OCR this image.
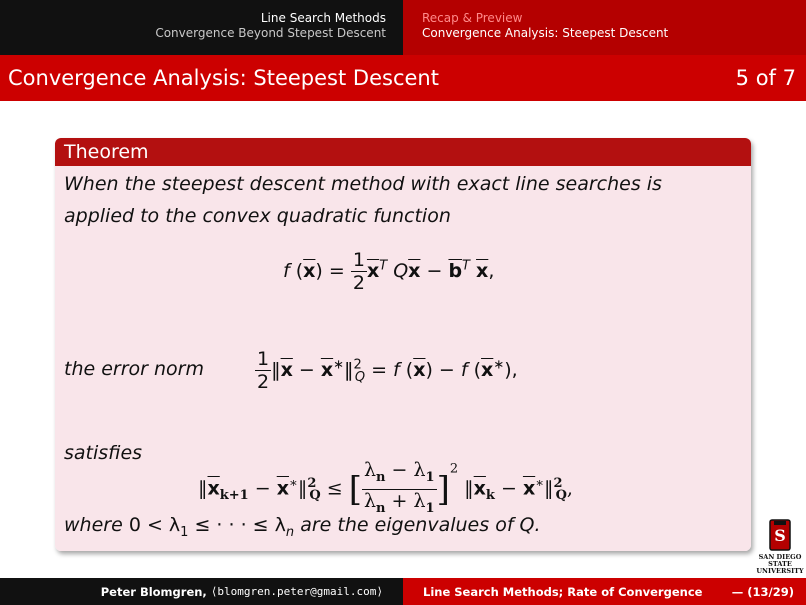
Line Search Methods
Convergence Beyond Stepest Descent
Recap & Preview
Convergence Analysis: Steepest Descent
Convergence Analysis: Steepest Descent	5 of 7
Theorem
When the steepest descent method with exact line searches is
applied to the convex quadratic function
f $(\overline{x}) = \frac{1}{2} \overline{x}^T$ $Q\overline{x} - \overline{b}^T$ $\overline{x}$,
the error norm	$\frac{1}{2}$ $‖\overline{x}$ − $\overline{x}^∗‖^2_Q = f$ $(\overline{x}) - f$ $(\overline{x}^∗)$,
satisfies
$‖\overline{x}_{k+1}$ − $\overline{x}^∗‖^2_Q$ ≤ [ $\frac{\lambda_n - \lambda_1}{\lambda_n + \lambda_1} ]^2$ $‖\overline{x}_k$ − $\overline{x}^∗‖^2_Q$,
where $0 < \lambda_1$ ≤ · · · ≤ $\lambda_n$ are the eigenvalues of Q.	S
SAN DIEGO STATE
UNIVERSITY
Peter Blomgren, ⟨blomgren.peter@gmail.com⟩	Line Search Methods; Rate of Convergence	— (13/29)
